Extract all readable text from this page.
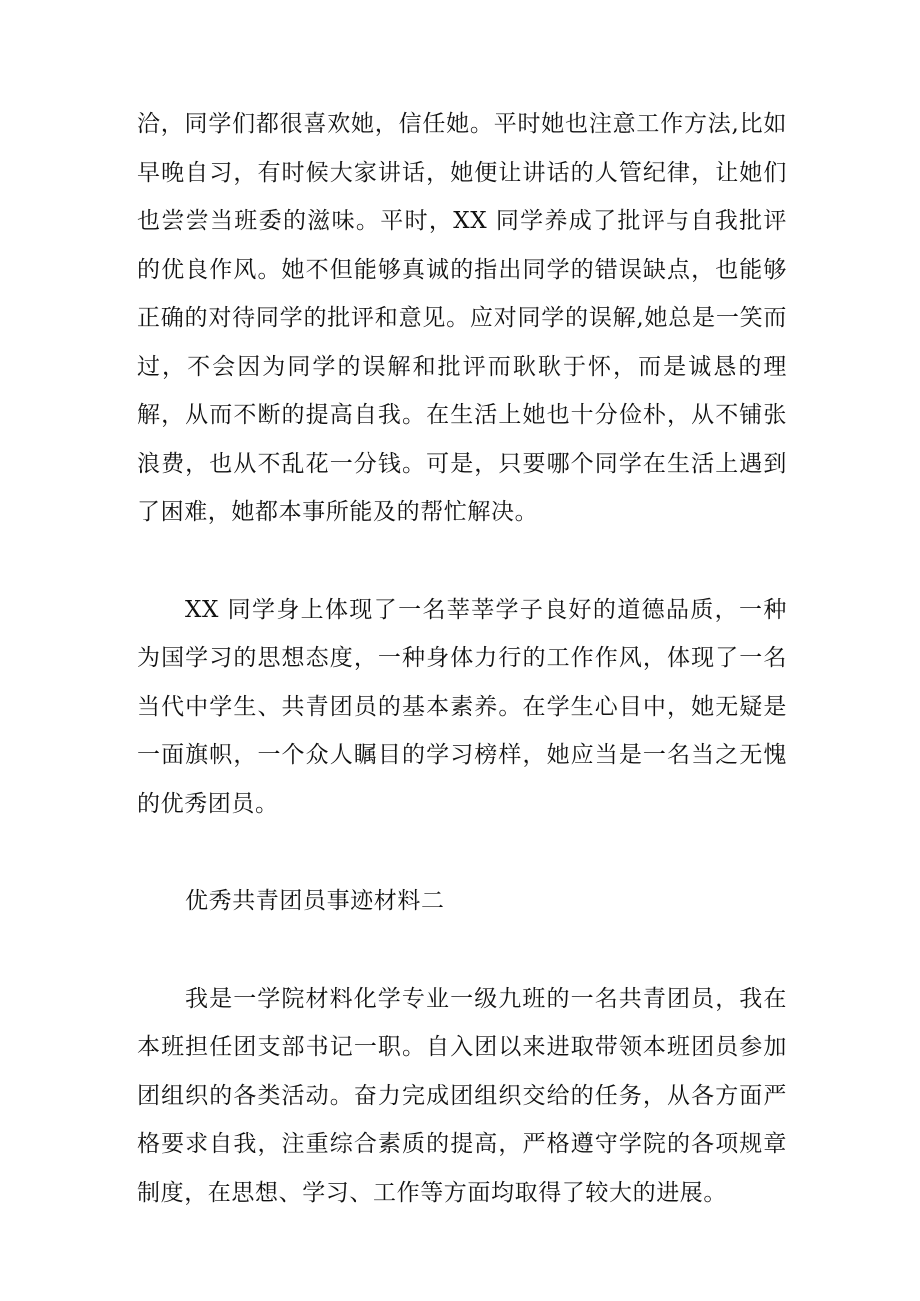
洽，同学们都很喜欢她，信任她。平时她也注意工作方法,比如早晚自习，有时候大家讲话，她便让讲话的人管纪律，让她们也尝尝当班委的滋味。平时，XX 同学养成了批评与自我批评的优良作风。她不但能够真诚的指出同学的错误缺点，也能够正确的对待同学的批评和意见。应对同学的误解,她总是一笑而过，不会因为同学的误解和批评而耿耿于怀，而是诚恳的理解，从而不断的提高自我。在生活上她也十分俭朴，从不铺张浪费，也从不乱花一分钱。可是，只要哪个同学在生活上遇到了困难，她都本事所能及的帮忙解决。

XX 同学身上体现了一名莘莘学子良好的道德品质，一种为国学习的思想态度，一种身体力行的工作作风，体现了一名当代中学生、共青团员的基本素养。在学生心目中，她无疑是一面旗帜，一个众人瞩目的学习榜样，她应当是一名当之无愧的优秀团员。

优秀共青团员事迹材料二

我是一学院材料化学专业一级九班的一名共青团员，我在本班担任团支部书记一职。自入团以来进取带领本班团员参加团组织的各类活动。奋力完成团组织交给的任务，从各方面严格要求自我，注重综合素质的提高，严格遵守学院的各项规章制度，在思想、学习、工作等方面均取得了较大的进展。
